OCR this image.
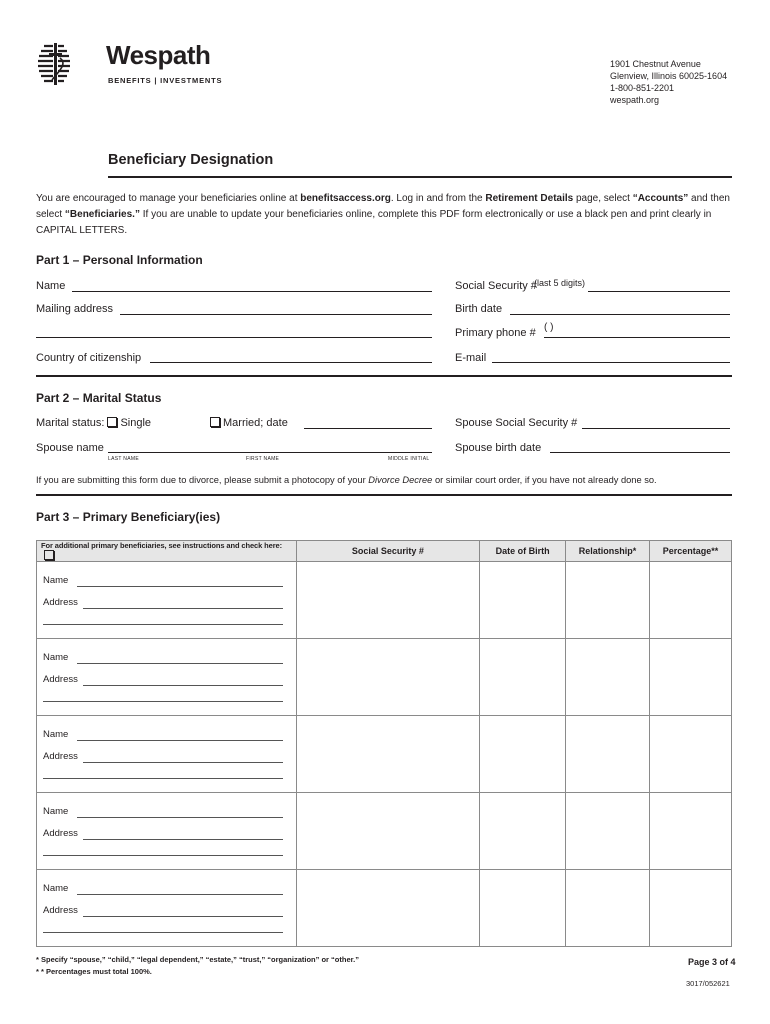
Wespath
BENEFITS | INVESTMENTS
1901 Chestnut Avenue
Glenview, Illinois 60025-1604
1-800-851-2201
wespath.org
Beneficiary Designation
You are encouraged to manage your beneficiaries online at benefitsaccess.org. Log in and from the Retirement Details page, select “Accounts” and then select “Beneficiaries.” If you are unable to update your beneficiaries online, complete this PDF form electronically or use a black pen and print clearly in CAPITAL LETTERS.
Part 1 – Personal Information
Name	Social Security #
(last 5 digits)
Mailing address	Birth date
Primary phone # ( )
Country of citizenship	E-mail
Part 2 – Marital Status
Marital status: Single	Married; date	Spouse Social Security #
Spouse name
LAST NAME	FIRST NAME	MIDDLE INITIAL
Spouse birth date
If you are submitting this form due to divorce, please submit a photocopy of your Divorce Decree or similar court order, if you have not already done so.
Part 3 – Primary Beneficiary(ies)
For additional primary beneficiaries, see instructions and check here:	Social Security #	Date of Birth	Relationship*	Percentage**

Name
Address				

Name
Address				

Name
Address				

Name
Address				

Name
Address				

* Specify “spouse,” “child,” “legal dependent,” “estate,” “trust,” “organization” or “other.”
* * Percentages must total 100%.
Page 3 of 4
3017/052621
